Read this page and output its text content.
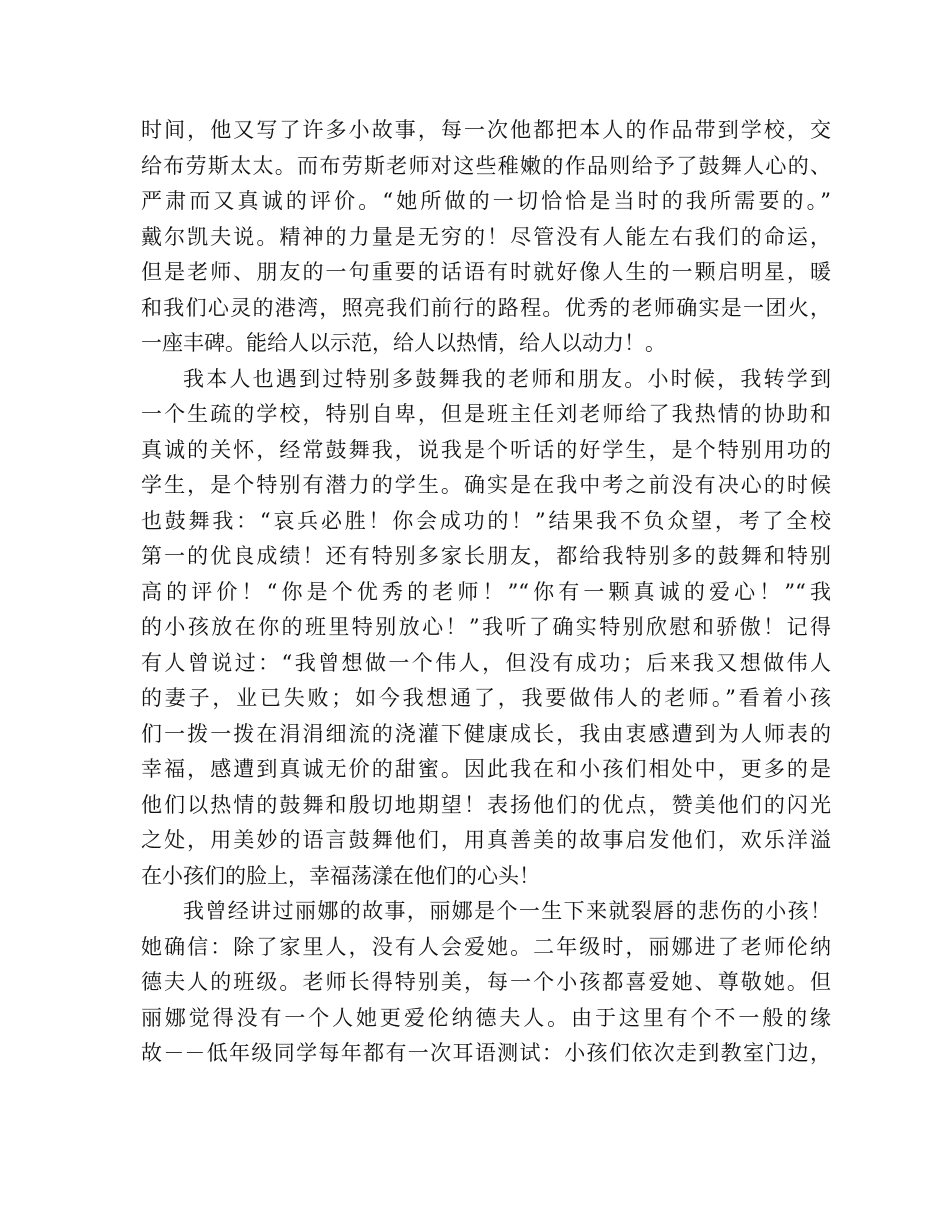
时间，他又写了许多小故事，每一次他都把本人的作品带到学校，交
给布劳斯太太。而布劳斯老师对这些稚嫩的作品则给予了鼓舞人心的、
严肃而又真诚的评价。“她所做的一切恰恰是当时的我所需要的。”
戴尔凯夫说。精神的力量是无穷的！尽管没有人能左右我们的命运，
但是老师、朋友的一句重要的话语有时就好像人生的一颗启明星，暖
和我们心灵的港湾，照亮我们前行的路程。优秀的老师确实是一团火，
一座丰碑。能给人以示范，给人以热情，给人以动力！。
我本人也遇到过特别多鼓舞我的老师和朋友。小时候，我转学到
一个生疏的学校，特别自卑，但是班主任刘老师给了我热情的协助和
真诚的关怀，经常鼓舞我，说我是个听话的好学生，是个特别用功的
学生，是个特别有潜力的学生。确实是在我中考之前没有决心的时候
也鼓舞我：“哀兵必胜！你会成功的！”结果我不负众望，考了全校
第一的优良成绩！还有特别多家长朋友，都给我特别多的鼓舞和特别
高的评价！“你是个优秀的老师！”“你有一颗真诚的爱心！”“我
的小孩放在你的班里特别放心！”我听了确实特别欣慰和骄傲！记得
有人曾说过：“我曾想做一个伟人，但没有成功；后来我又想做伟人
的妻子，业已失败；如今我想通了，我要做伟人的老师。”看着小孩
们一拨一拨在涓涓细流的浇灌下健康成长，我由衷感遭到为人师表的
幸福，感遭到真诚无价的甜蜜。因此我在和小孩们相处中，更多的是
他们以热情的鼓舞和殷切地期望！表扬他们的优点，赞美他们的闪光
之处，用美妙的语言鼓舞他们，用真善美的故事启发他们，欢乐洋溢
在小孩们的脸上，幸福荡漾在他们的心头！
我曾经讲过丽娜的故事，丽娜是个一生下来就裂唇的悲伤的小孩！
她确信：除了家里人，没有人会爱她。二年级时，丽娜进了老师伦纳
德夫人的班级。老师长得特别美，每一个小孩都喜爱她、尊敬她。但
丽娜觉得没有一个人她更爱伦纳德夫人。由于这里有个不一般的缘
故－－低年级同学每年都有一次耳语测试：小孩们依次走到教室门边，
